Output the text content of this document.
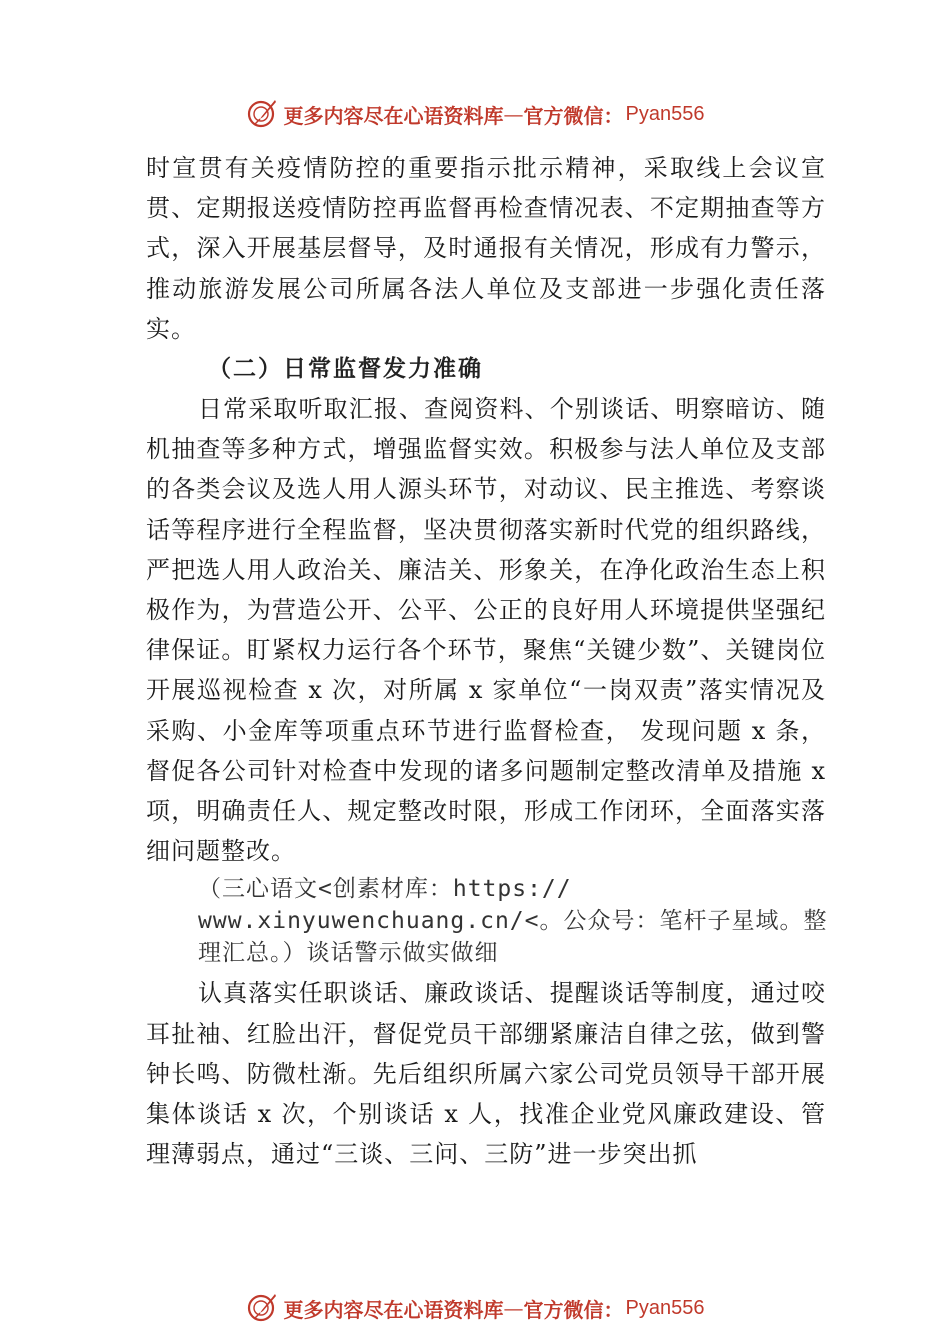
更多内容尽在心语资料库 — 官方微信： Pyan556

时宣贯有关疫情防控的重要指示批示精神，采取线上会议宣贯、定期报送疫情防控再监督再检查情况表、不定期抽查等方式，深入开展基层督导，及时通报有关情况，形成有力警示，推动旅游发展公司所属各法人单位及支部进一步强化责任落实。

（二）日常监督发力准确

日常采取听取汇报、查阅资料、个别谈话、明察暗访、随机抽查等多种方式，增强监督实效。积极参与法人单位及支部的各类会议及选人用人源头环节，对动议、民主推选、考察谈话等程序进行全程监督，坚决贯彻落实新时代党的组织路线，严把选人用人政治关、廉洁关、形象关，在净化政治生态上积极作为，为营造公开、公平、公正的良好用人环境提供坚强纪律保证。盯紧权力运行各个环节，聚焦“关键少数”、关键岗位开展巡视检查 x 次，对所属 x 家单位“一岗双责”落实情况及采购、小金库等项重点环节进行监督检查， 发现问题 x 条，督促各公司针对检查中发现的诸多问题制定整改清单及措施 x 项，明确责任人、规定整改时限，形成工作闭环，全面落实落细问题整改。

（三心语文<创素材库：https:// www.xinyuwenchuang.cn/<。公众号：笔杆子星域。整理汇总。）谈话警示做实做细

认真落实任职谈话、廉政谈话、提醒谈话等制度，通过咬耳扯袖、红脸出汗，督促党员干部绷紧廉洁自律之弦，做到警钟长鸣、防微杜渐。先后组织所属六家公司党员领导干部开展集体谈话 x 次，个别谈话 x 人，找准企业党风廉政建设、管理薄弱点，通过“三谈、三问、三防”进一步突出抓

更多内容尽在心语资料库 — 官方微信： Pyan556
